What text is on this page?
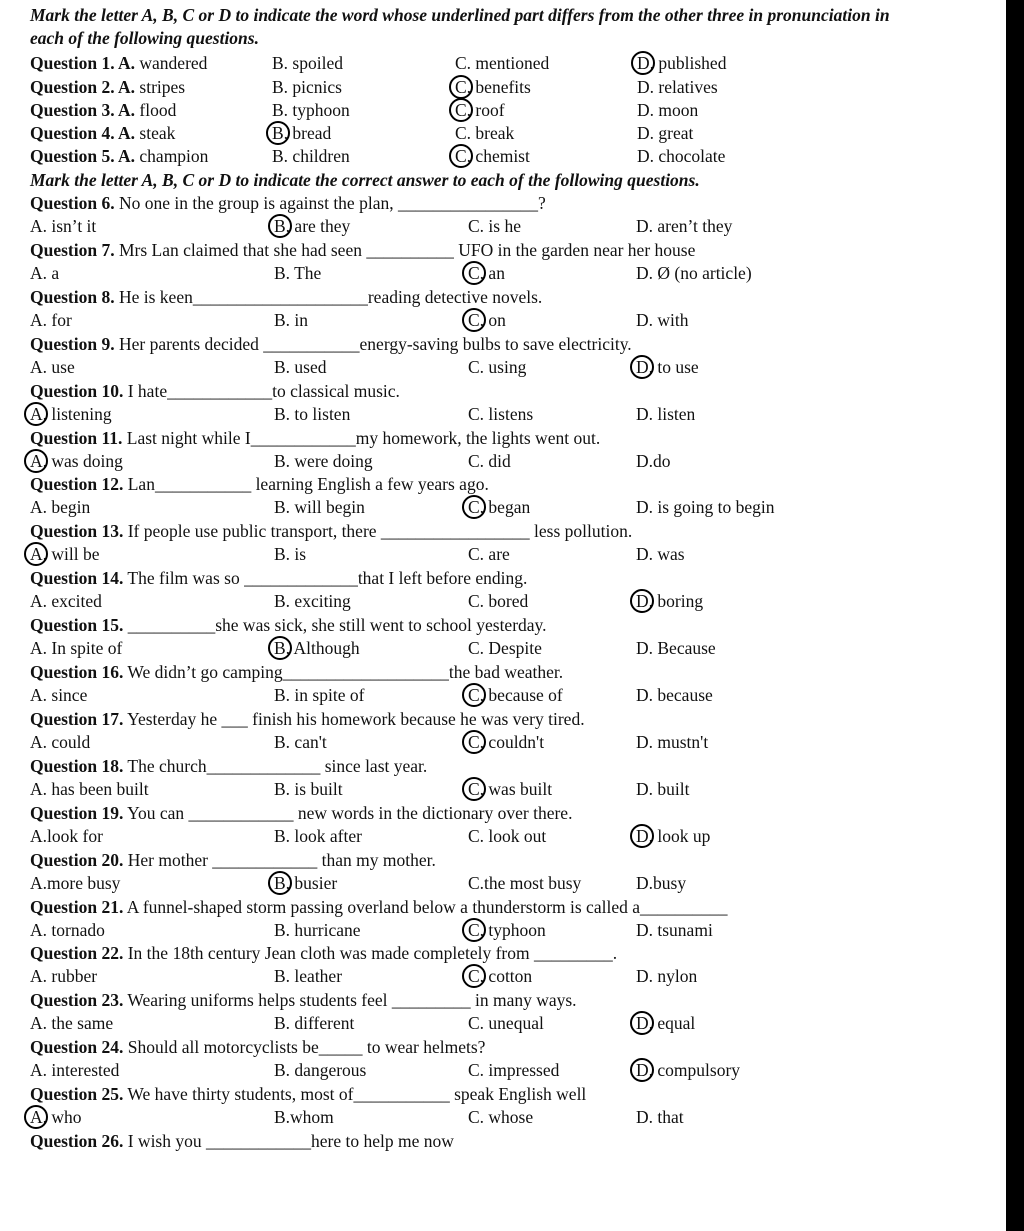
Mark the letter A, B, C or D to indicate the word whose underlined part differs from the other three in pronunciation in each of the following questions.
Mark the letter A, B, C or D to indicate the correct answer to each of the following questions.
Question 1. A. wandered	B. spoiled	C. mentioned	D. published
Question 2. A. stripes	B. picnics	C. benefits	D. relatives
Question 3. A. flood	B. typhoon	C. roof	D. moon
Question 4. A. steak	B. bread	C. break	D. great
Question 5. A. champion	B. children	C. chemist	D. chocolate
Question 6. No one in the group is against the plan, ________________?
A. isn’t it	B. are they	C. is he	D. aren’t they
Question 7. Mrs Lan claimed that she had seen __________ UFO in the garden near her house
A. a	B. The	C. an	D. Ø (no article)
Question 8. He is keen____________________reading detective novels.
A. for	B. in	C. on	D. with
Question 9. Her parents decided ___________energy-saving bulbs to save electricity.
A. use	B. used	C. using	D. to use
Question 10. I hate____________to classical music.
A. listening	B. to listen	C. listens	D. listen
Question 11. Last night while I____________my homework, the lights went out.
A. was doing	B. were doing	C. did	D.do
Question 12. Lan___________ learning English a few years ago.
A. begin	B. will begin	C. began	D. is going to begin
Question 13. If people use public transport, there _________________ less pollution.
A. will be	B. is	C. are	D. was
Question 14. The film was so _____________that I left before ending.
A. excited	B. exciting	C. bored	D. boring
Question 15. __________she was sick, she still went to school yesterday.
A. In spite of	B. Although	C. Despite	D. Because
Question 16. We didn’t go camping___________________the bad weather.
A. since	B. in spite of	C. because of	D. because
Question 17. Yesterday he ___ finish his homework because he was very tired.
A. could	B. can't	C. couldn't	D. mustn't
Question 18. The church_____________ since last year.
A. has been built	B. is built	C. was built	D. built
Question 19. You can ____________ new words in the dictionary over there.
A.look for	B. look after	C. look out	D. look up
Question 20. Her mother ____________ than my mother.
A.more busy	B. busier	C.the most busy	D.busy
Question 21. A funnel-shaped storm passing overland below a thunderstorm is called a__________
A. tornado	B. hurricane	C. typhoon	D. tsunami
Question 22. In the 18th century Jean cloth was made completely from _________.
A. rubber	B. leather	C. cotton	D. nylon
Question 23. Wearing uniforms helps students feel _________ in many ways.
A. the same	B. different	C. unequal	D. equal
Question 24. Should all motorcyclists be_____ to wear helmets?
A. interested	B. dangerous	C. impressed	D. compulsory
Question 25. We have thirty students, most of___________ speak English well
A. who	B.whom	C. whose	D. that
Question 26. I wish you ____________here to help me now
